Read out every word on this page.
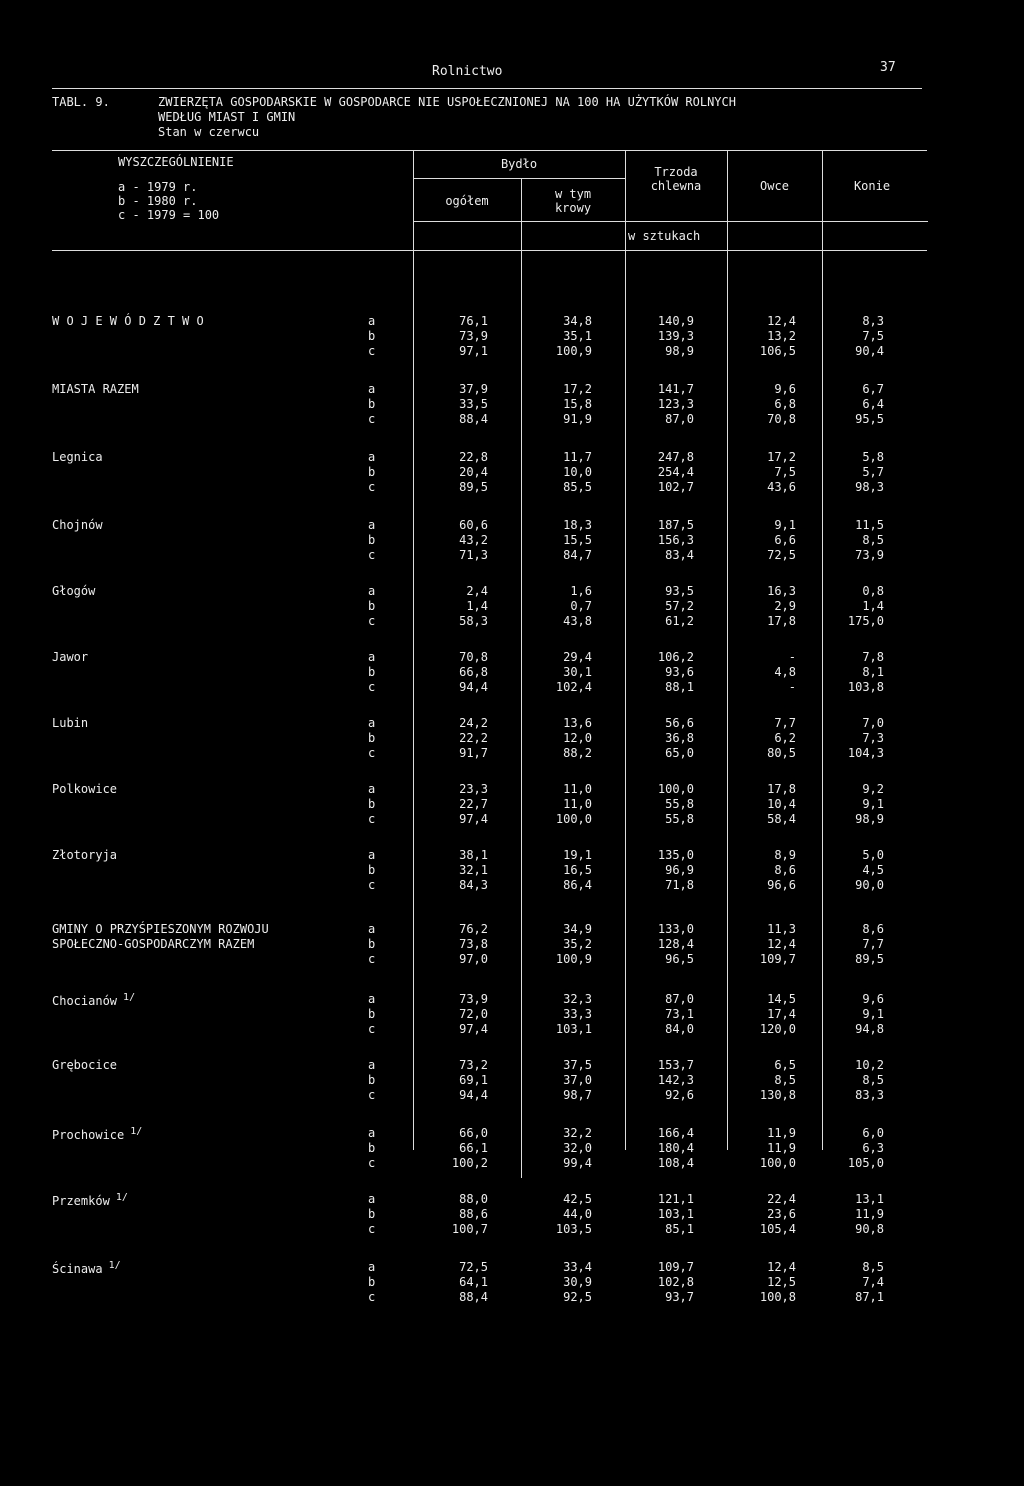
Rolnictwo	37
TABL. 9.	ZWIERZĘTA GOSPODARSKIE W GOSPODARCE NIE USPOŁECZNIONEJ NA 100 HA UŻYTKÓW ROLNYCH
WEDŁUG MIAST I GMIN
Stan w czerwcu
WYSZCZEGÓLNIENIE
a - 1979 r.
b - 1980 r.
c - 1979 = 100
Bydło
ogółem	w tym
krowy
Trzoda
chlewna	Owce	Konie
w sztukach
W O J E W Ó D Z T W O	a	76,1	34,8	140,9	12,4	8,3
b	73,9	35,1	139,3	13,2	7,5
c	97,1	100,9	98,9	106,5	90,4
MIASTA RAZEM	a	37,9	17,2	141,7	9,6	6,7
b	33,5	15,8	123,3	6,8	6,4
c	88,4	91,9	87,0	70,8	95,5
Legnica	a	22,8	11,7	247,8	17,2	5,8
b	20,4	10,0	254,4	7,5	5,7
c	89,5	85,5	102,7	43,6	98,3
Chojnów	a	60,6	18,3	187,5	9,1	11,5
b	43,2	15,5	156,3	6,6	8,5
c	71,3	84,7	83,4	72,5	73,9
Głogów	a	2,4	1,6	93,5	16,3	0,8
b	1,4	0,7	57,2	2,9	1,4
c	58,3	43,8	61,2	17,8	175,0
Jawor	a	70,8	29,4	106,2	-	7,8
b	66,8	30,1	93,6	4,8	8,1
c	94,4	102,4	88,1	-	103,8
Lubin	a	24,2	13,6	56,6	7,7	7,0
b	22,2	12,0	36,8	6,2	7,3
c	91,7	88,2	65,0	80,5	104,3
Polkowice	a	23,3	11,0	100,0	17,8	9,2
b	22,7	11,0	55,8	10,4	9,1
c	97,4	100,0	55,8	58,4	98,9
Złotoryja	a	38,1	19,1	135,0	8,9	5,0
b	32,1	16,5	96,9	8,6	4,5
c	84,3	86,4	71,8	96,6	90,0
GMINY O PRZYŚPIESZONYM ROZWOJU
SPOŁECZNO-GOSPODARCZYM RAZEM
a	76,2	34,9	133,0	11,3	8,6
b	73,8	35,2	128,4	12,4	7,7
c	97,0	100,9	96,5	109,7	89,5
Chocianów $^{1/}$	a	73,9	32,3	87,0	14,5	9,6
b	72,0	33,3	73,1	17,4	9,1
c	97,4	103,1	84,0	120,0	94,8
Grębocice	a	73,2	37,5	153,7	6,5	10,2
b	69,1	37,0	142,3	8,5	8,5
c	94,4	98,7	92,6	130,8	83,3
Prochowice $^{1/}$	a	66,0	32,2	166,4	11,9	6,0
b	66,1	32,0	180,4	11,9	6,3
c	100,2	99,4	108,4	100,0	105,0
Przemków $^{1/}$	a	88,0	42,5	121,1	22,4	13,1
b	88,6	44,0	103,1	23,6	11,9
c	100,7	103,5	85,1	105,4	90,8
Ścinawa $^{1/}$	a	72,5	33,4	109,7	12,4	8,5
b	64,1	30,9	102,8	12,5	7,4
c	88,4	92,5	93,7	100,8	87,1
